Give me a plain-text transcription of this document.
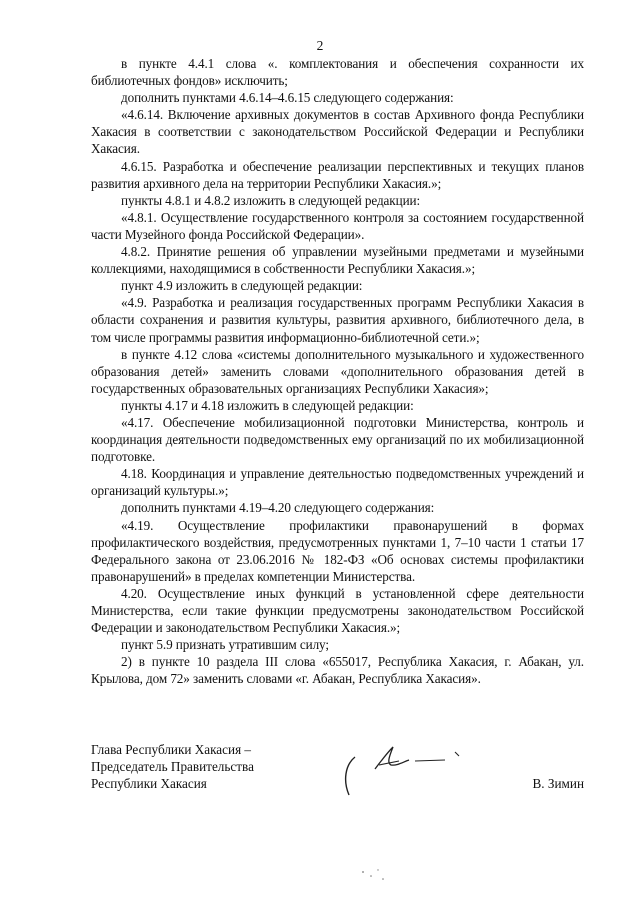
2

в пункте 4.4.1 слова «. комплектования и обеспечения сохранности их библиотечных фондов» исключить;

дополнить пунктами 4.6.14–4.6.15 следующего содержания:

«4.6.14. Включение архивных документов в состав Архивного фонда Республики Хакасия в соответствии с законодательством Российской Федерации и Республики Хакасия.

4.6.15. Разработка и обеспечение реализации перспективных и текущих планов развития архивного дела на территории Республики Хакасия.»;

пункты 4.8.1 и 4.8.2 изложить в следующей редакции:

«4.8.1. Осуществление государственного контроля за состоянием государственной части Музейного фонда Российской Федерации».

4.8.2. Принятие решения об управлении музейными предметами и музейными коллекциями, находящимися в собственности Республики Хакасия.»;

пункт 4.9 изложить в следующей редакции:

«4.9. Разработка и реализация государственных программ Республики Хакасия в области сохранения и развития культуры, развития архивного, библиотечного дела, в том числе программы развития информационно-библиотечной сети.»;

в пункте 4.12 слова «системы дополнительного музыкального и художественного образования детей» заменить словами «дополнительного образования детей в государственных образовательных организациях Республики Хакасия»;

пункты 4.17 и 4.18 изложить в следующей редакции:

«4.17. Обеспечение мобилизационной подготовки Министерства, контроль и координация деятельности подведомственных ему организаций по их мобилизационной подготовке.

4.18. Координация и управление деятельностью подведомственных учреждений и организаций культуры.»;

дополнить пунктами 4.19–4.20 следующего содержания:

«4.19. Осуществление профилактики правонарушений в формах профилактического воздействия, предусмотренных пунктами 1, 7–10 части 1 статьи 17 Федерального закона от 23.06.2016 № 182-ФЗ «Об основах системы профилактики правонарушений» в пределах компетенции Министерства.

4.20. Осуществление иных функций в установленной сфере деятельности Министерства, если такие функции предусмотрены законодательством Российской Федерации и законодательством Республики Хакасия.»;

пункт 5.9 признать утратившим силу;

2) в пункте 10 раздела III слова «655017, Республика Хакасия, г. Абакан, ул. Крылова, дом 72» заменить словами «г. Абакан, Республика Хакасия».

Глава Республики Хакасия –
Председатель Правительства
Республики Хакасия	В. Зимин
